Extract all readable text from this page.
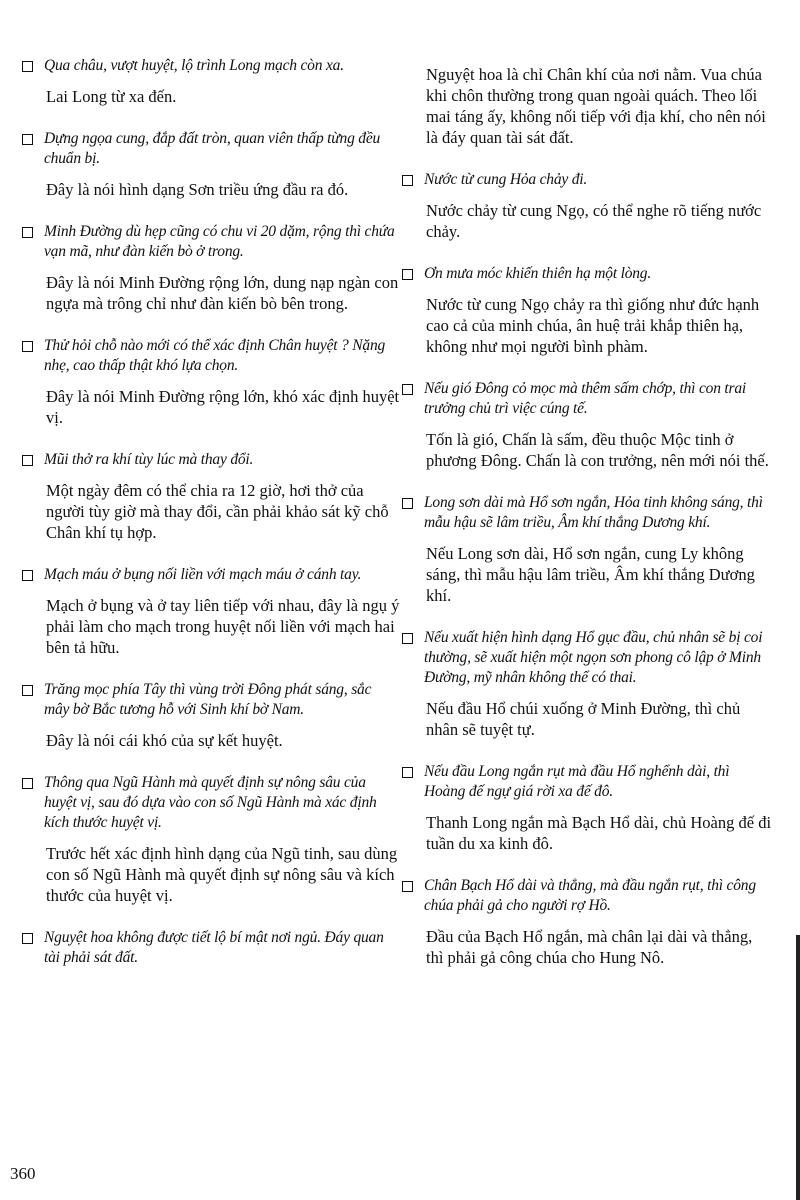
Qua châu, vượt huyệt, lộ trình Long mạch còn xa.
Lai Long từ xa đến.
Dựng ngọa cung, đắp đất tròn, quan viên thấp từng đều chuẩn bị.
Đây là nói hình dạng Sơn triều ứng đầu ra đó.
Minh Đường dù hẹp cũng có chu vi 20 dặm, rộng thì chứa vạn mã, như đàn kiến bò ở trong.
Đây là nói Minh Đường rộng lớn, dung nạp ngàn con ngựa mà trông chỉ như đàn kiến bò bên trong.
Thử hỏi chỗ nào mới có thể xác định Chân huyệt ? Nặng nhẹ, cao thấp thật khó lựa chọn.
Đây là nói Minh Đường rộng lớn, khó xác định huyệt vị.
Mũi thở ra khí tùy lúc mà thay đổi.
Một ngày đêm có thể chia ra 12 giờ, hơi thở của người tùy giờ mà thay đổi, cần phải khảo sát kỹ chỗ Chân khí tụ hợp.
Mạch máu ở bụng nối liền với mạch máu ở cánh tay.
Mạch ở bụng và ở tay liên tiếp với nhau, đây là ngụ ý phải làm cho mạch trong huyệt nối liền với mạch hai bên tả hữu.
Trăng mọc phía Tây thì vùng trời Đông phát sáng, sắc mây bờ Bắc tương hỗ với Sinh khí bờ Nam.
Đây là nói cái khó của sự kết huyệt.
Thông qua Ngũ Hành mà quyết định sự nông sâu của huyệt vị, sau đó dựa vào con số Ngũ Hành mà xác định kích thước huyệt vị.
Trước hết xác định hình dạng của Ngũ tinh, sau dùng con số Ngũ Hành mà quyết định sự nông sâu và kích thước của huyệt vị.
Nguyệt hoa không được tiết lộ bí mật nơi ngủ. Đáy quan tài phải sát đất.
Nguyệt hoa là chỉ Chân khí của nơi nằm. Vua chúa khi chôn thường trong quan ngoài quách. Theo lối mai táng ấy, không nối tiếp với địa khí, cho nên nói là đáy quan tài sát đất.
Nước từ cung Hỏa chảy đi.
Nước chảy từ cung Ngọ, có thể nghe rõ tiếng nước chảy.
Ơn mưa móc khiến thiên hạ một lòng.
Nước từ cung Ngọ chảy ra thì giống như đức hạnh cao cả của minh chúa, ân huệ trải khắp thiên hạ, không như mọi người bình phàm.
Nếu gió Đông cỏ mọc mà thêm sấm chớp, thì con trai trưởng chủ trì việc cúng tế.
Tốn là gió, Chấn là sấm, đều thuộc Mộc tinh ở phương Đông. Chấn là con trưởng, nên mới nói thế.
Long sơn dài mà Hổ sơn ngắn, Hỏa tinh không sáng, thì mẫu hậu sẽ lâm triều, Âm khí thắng Dương khí.
Nếu Long sơn dài, Hổ sơn ngắn, cung Ly không sáng, thì mẫu hậu lâm triều, Âm khí thắng Dương khí.
Nếu xuất hiện hình dạng Hổ gục đầu, chủ nhân sẽ bị coi thường, sẽ xuất hiện một ngọn sơn phong cô lập ở Minh Đường, mỹ nhân không thể có thai.
Nếu đầu Hổ chúi xuống ở Minh Đường, thì chủ nhân sẽ tuyệt tự.
Nếu đầu Long ngắn rụt mà đầu Hổ nghểnh dài, thì Hoàng đế ngự giá rời xa đế đô.
Thanh Long ngắn mà Bạch Hổ dài, chủ Hoàng đế đi tuần du xa kinh đô.
Chân Bạch Hổ dài và thẳng, mà đầu ngắn rụt, thì công chúa phải gả cho người rợ Hồ.
Đầu của Bạch Hổ ngắn, mà chân lại dài và thẳng, thì phải gả công chúa cho Hung Nô.
360
